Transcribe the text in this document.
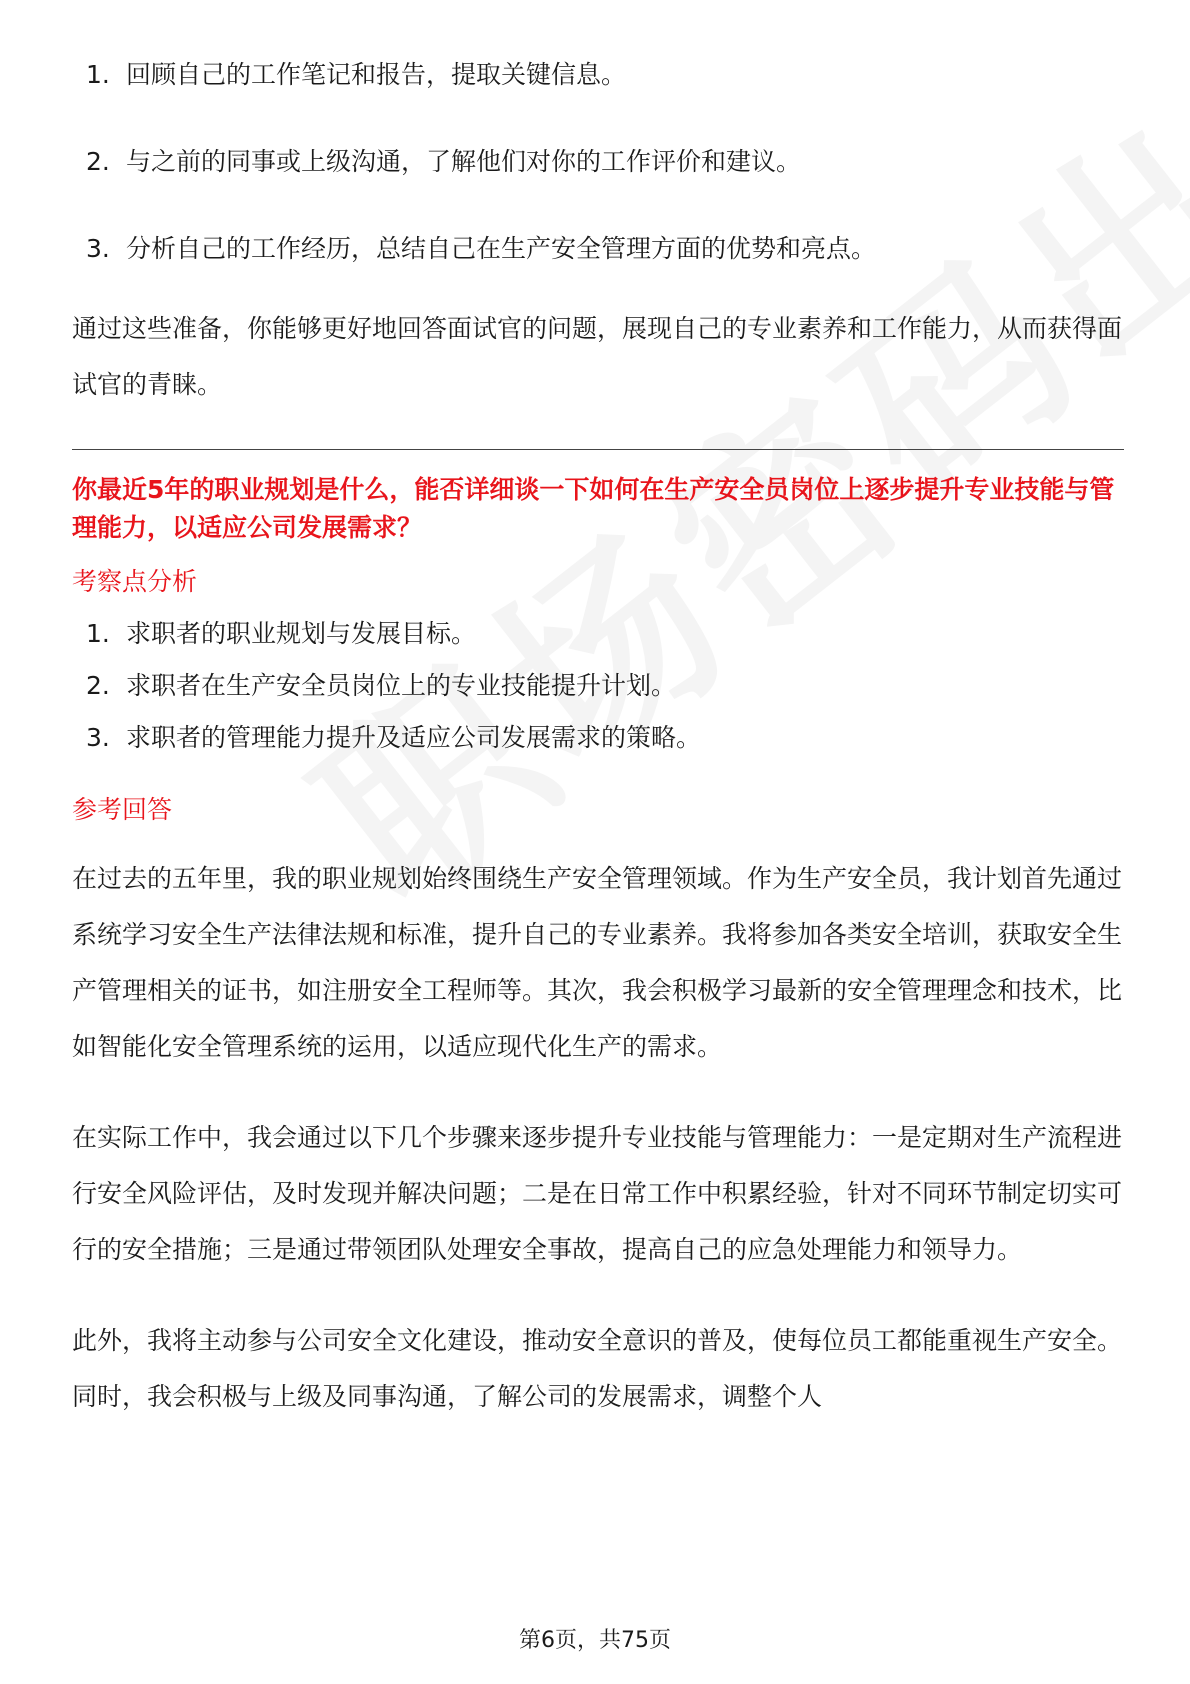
1. 回顾自己的工作笔记和报告，提取关键信息。
2. 与之前的同事或上级沟通，了解他们对你的工作评价和建议。
3. 分析自己的工作经历，总结自己在生产安全管理方面的优势和亮点。

通过这些准备，你能够更好地回答面试官的问题，展现自己的专业素养和工作能力，从而获得面试官的青睐。

你最近5年的职业规划是什么，能否详细谈一下如何在生产安全员岗位上逐步提升专业技能与管理能力，以适应公司发展需求？

考察点分析

1. 求职者的职业规划与发展目标。
2. 求职者在生产安全员岗位上的专业技能提升计划。
3. 求职者的管理能力提升及适应公司发展需求的策略。

参考回答

在过去的五年里，我的职业规划始终围绕生产安全管理领域。作为生产安全员，我计划首先通过系统学习安全生产法律法规和标准，提升自己的专业素养。我将参加各类安全培训，获取安全生产管理相关的证书，如注册安全工程师等。其次，我会积极学习最新的安全管理理念和技术，比如智能化安全管理系统的运用，以适应现代化生产的需求。

在实际工作中，我会通过以下几个步骤来逐步提升专业技能与管理能力：一是定期对生产流程进行安全风险评估，及时发现并解决问题；二是在日常工作中积累经验，针对不同环节制定切实可行的安全措施；三是通过带领团队处理安全事故，提高自己的应急处理能力和领导力。

此外，我将主动参与公司安全文化建设，推动安全意识的普及，使每位员工都能重视生产安全。同时，我会积极与上级及同事沟通，了解公司的发展需求，调整个人

第6页，共75页
